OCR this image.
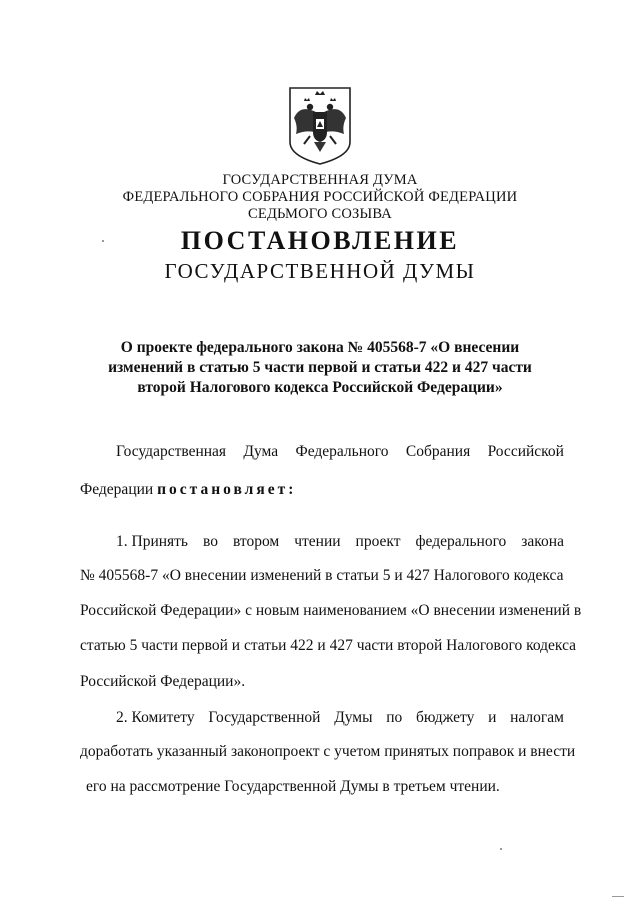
ГОСУДАРСТВЕННАЯ ДУМА
ФЕДЕРАЛЬНОГО СОБРАНИЯ РОССИЙСКОЙ ФЕДЕРАЦИИ
СЕДЬМОГО СОЗЫВА
ПОСТАНОВЛЕНИЕ
ГОСУДАРСТВЕННОЙ ДУМЫ
О проекте федерального закона № 405568-7 «О внесении
изменений в статью 5 части первой и статьи 422 и 427 части
второй Налогового кодекса Российской Федерации»
Государственная Дума Федерального Собрания Российской
Федерации постановляет:
1. Принять во втором чтении проект федерального закона
№ 405568-7 «О внесении изменений в статьи 5 и 427 Налогового кодекса
Российской Федерации» с новым наименованием «О внесении изменений в
статью 5 части первой и статьи 422 и 427 части второй Налогового кодекса
Российской Федерации».
2. Комитету Государственной Думы по бюджету и налогам
доработать указанный законопроект с учетом принятых поправок и внести
его на рассмотрение Государственной Думы в третьем чтении.
